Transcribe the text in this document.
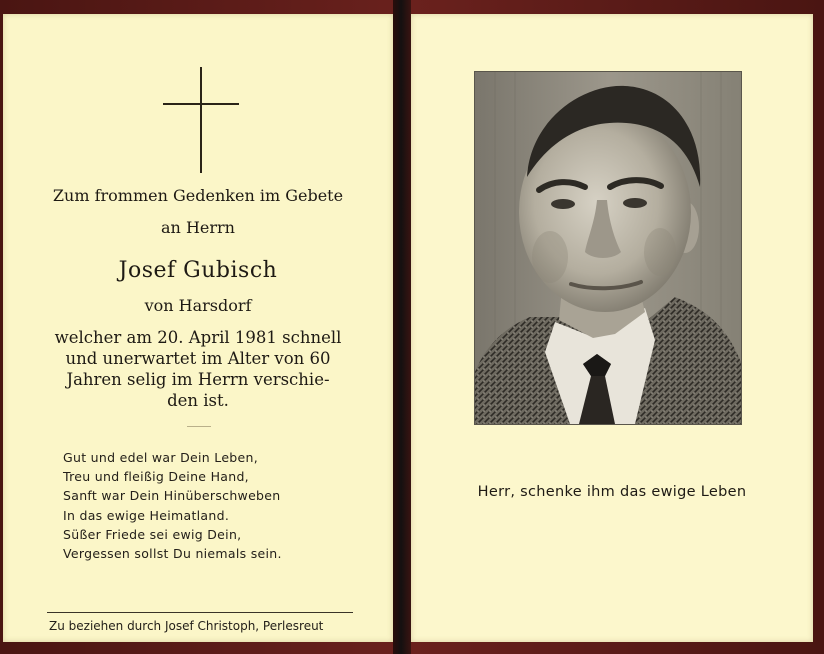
Zum frommen Gedenken im Gebete
an Herrn
Josef Gubisch
von Harsdorf
welcher am 20. April 1981 schnell
und unerwartet im Alter von 60
Jahren selig im Herrn verschie-
den ist.
Gut und edel war Dein Leben,
Treu und fleißig Deine Hand,
Sanft war Dein Hinüberschweben
In das ewige Heimatland.
Süßer Friede sei ewig Dein,
Vergessen sollst Du niemals sein.
Zu beziehen durch Josef Christoph, Perlesreut
Herr, schenke ihm das ewige Leben
